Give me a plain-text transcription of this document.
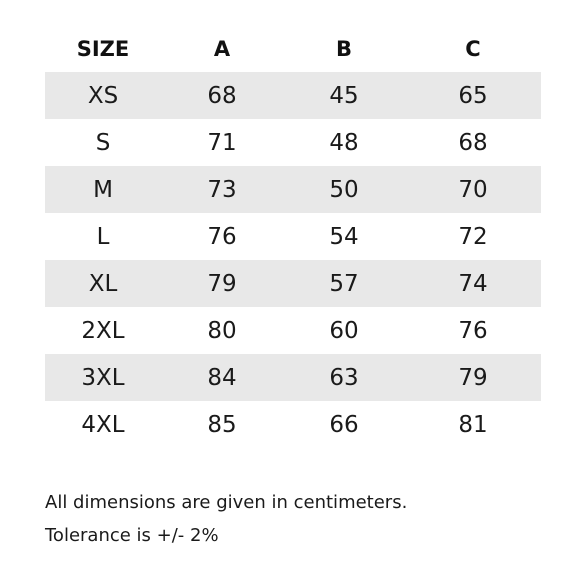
SIZE	A	B	C
XS	68	45	65
S	71	48	68
M	73	50	70
L	76	54	72
XL	79	57	74
2XL	80	60	76
3XL	84	63	79
4XL	85	66	81
All dimensions are given in centimeters.
Tolerance is +/- 2%
